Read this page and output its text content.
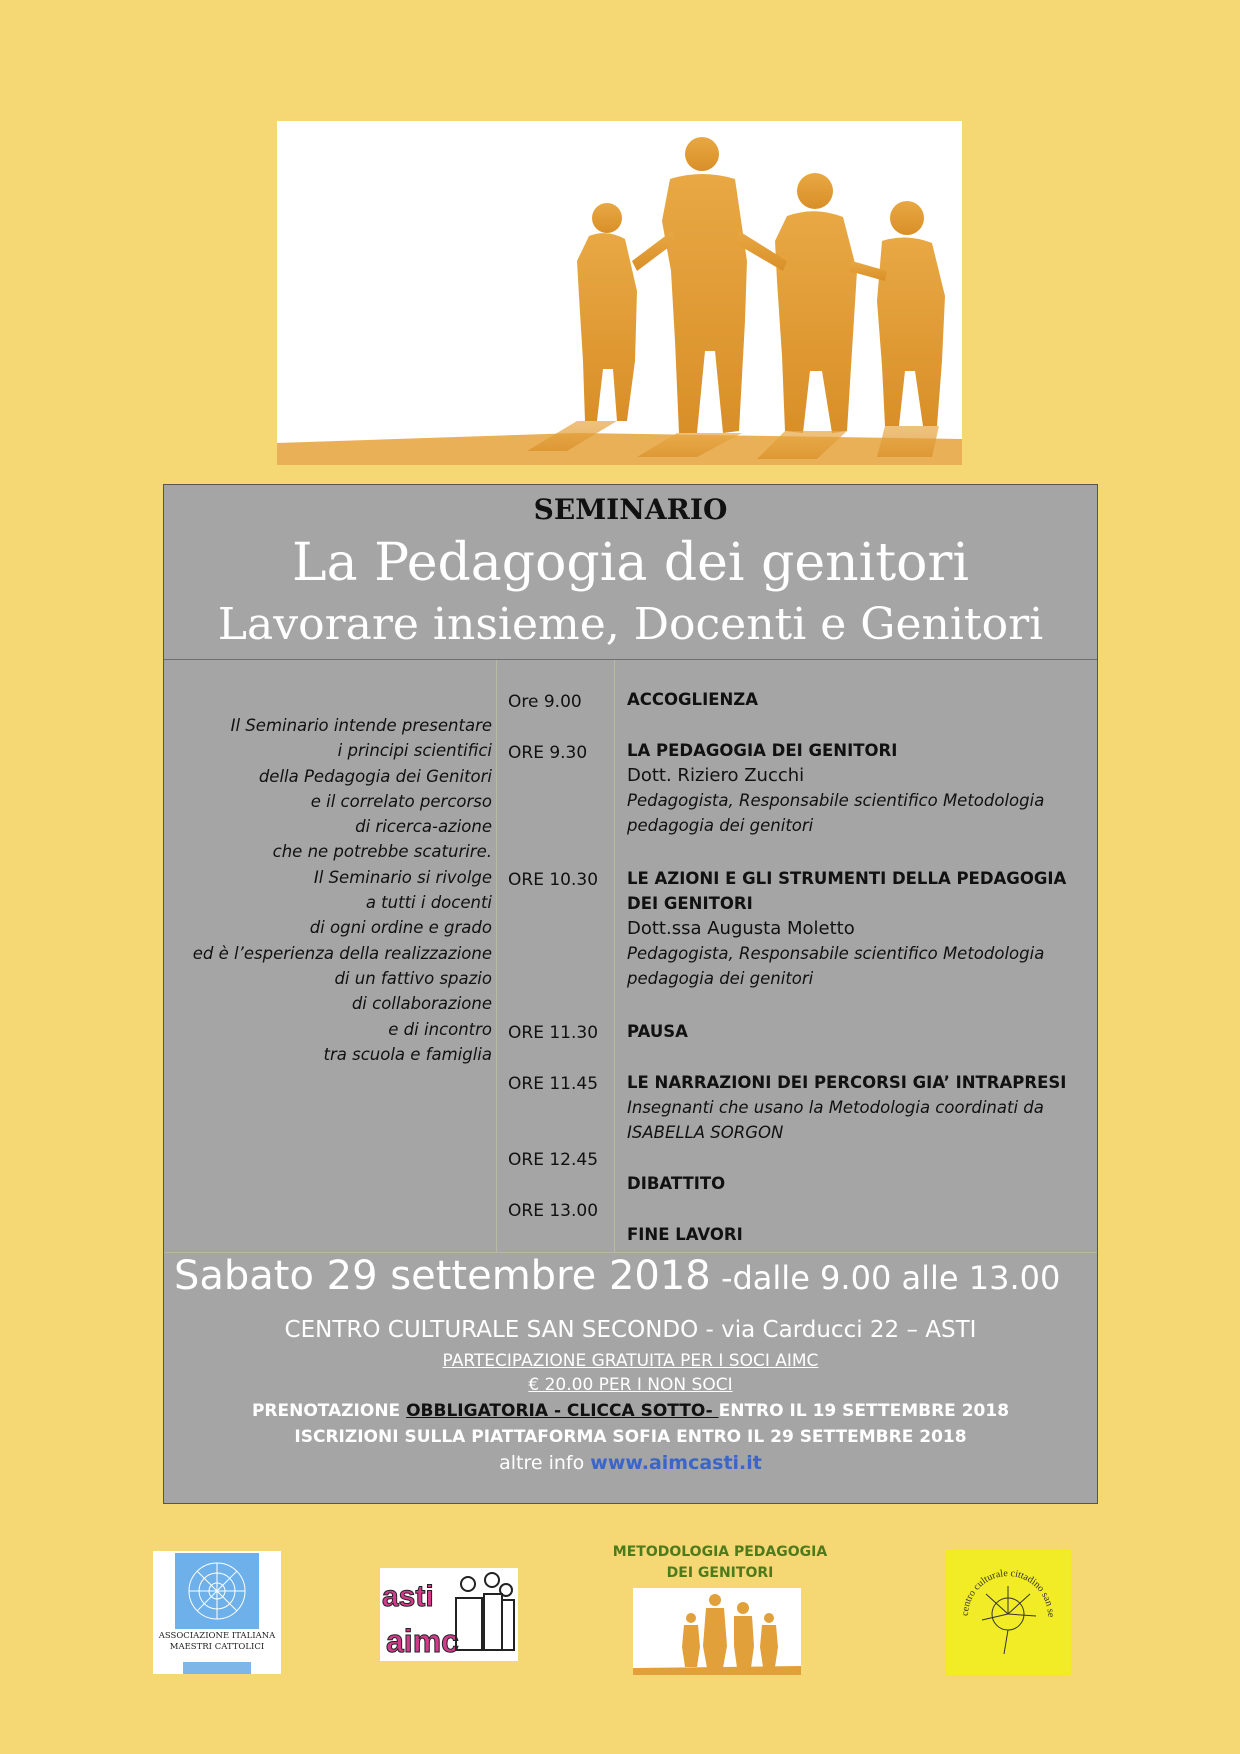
SEMINARIO
La Pedagogia dei genitori
Lavorare insieme, Docenti e Genitori
Il Seminario intende presentare
i principi scientifici
della Pedagogia dei Genitori
e il correlato percorso
di ricerca-azione
che ne potrebbe scaturire.
Il Seminario si rivolge
a tutti i docenti
di ogni ordine e grado
ed è l’esperienza della realizzazione
di un fattivo spazio
di collaborazione
e di incontro
tra scuola e famiglia
Ore 9.00
ORE 9.30
ORE 10.30
ORE 11.30
ORE 11.45
ORE 12.45
ORE 13.00
ACCOGLIENZA
LA PEDAGOGIA DEI GENITORI
Dott. Riziero Zucchi
Pedagogista, Responsabile scientifico Metodologia pedagogia dei genitori
LE AZIONI E GLI STRUMENTI DELLA PEDAGOGIA DEI GENITORI
Dott.ssa Augusta Moletto
Pedagogista, Responsabile scientifico Metodologia pedagogia dei genitori
PAUSA
LE NARRAZIONI DEI PERCORSI GIA’ INTRAPRESI
Insegnanti che usano la Metodologia coordinati da ISABELLA SORGON
DIBATTITO
FINE LAVORI
Sabato 29 settembre 2018 -dalle 9.00 alle 13.00
CENTRO CULTURALE SAN SECONDO - via Carducci 22 – ASTI
PARTECIPAZIONE GRATUITA PER I SOCI AIMC
€ 20.00 PER I NON SOCI
PRENOTAZIONE OBBLIGATORIA - CLICCA SOTTO- ENTRO IL 19 SETTEMBRE 2018
ISCRIZIONI SULLA PIATTAFORMA SOFIA ENTRO IL 29 SETTEMBRE 2018
altre info www.aimcasti.it
ASSOCIAZIONE ITALIANA MAESTRI CATTOLICI
asti
aimc
METODOLOGIA PEDAGOGIA
DEI GENITORI
centro culturale cittadino san se
